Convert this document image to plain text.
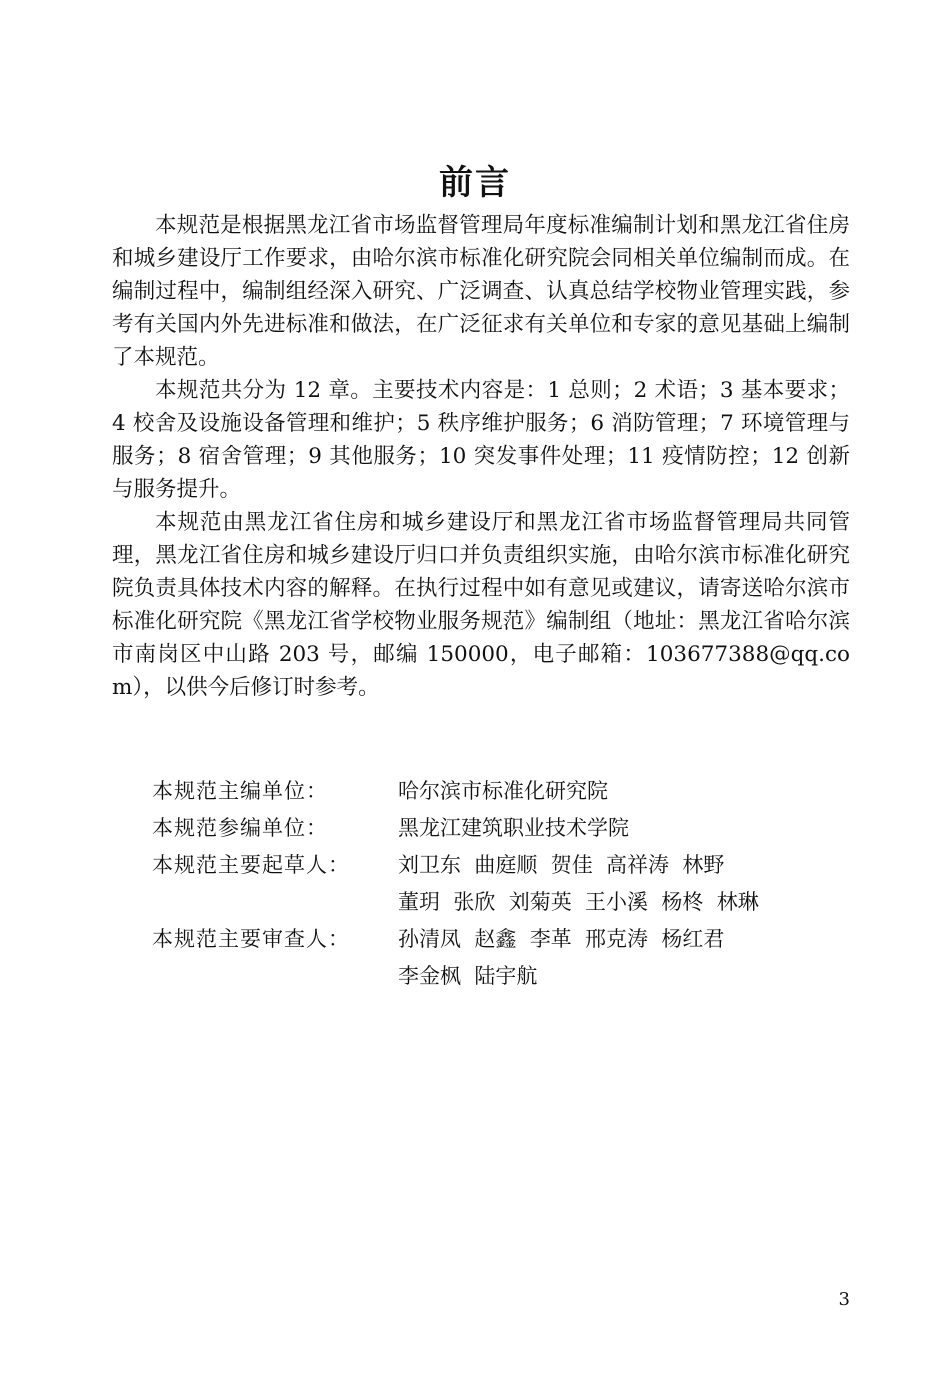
前言

本规范是根据黑龙江省市场监督管理局年度标准编制计划和黑龙江省住房和城乡建设厅工作要求，由哈尔滨市标准化研究院会同相关单位编制而成。在编制过程中，编制组经深入研究、广泛调查、认真总结学校物业管理实践，参考有关国内外先进标准和做法，在广泛征求有关单位和专家的意见基础上编制了本规范。

本规范共分为 12 章。主要技术内容是：1 总则；2 术语；3 基本要求；4 校舍及设施设备管理和维护；5 秩序维护服务；6 消防管理；7 环境管理与服务；8 宿舍管理；9 其他服务；10 突发事件处理；11 疫情防控；12 创新与服务提升。

本规范由黑龙江省住房和城乡建设厅和黑龙江省市场监督管理局共同管理，黑龙江省住房和城乡建设厅归口并负责组织实施，由哈尔滨市标准化研究院负责具体技术内容的解释。在执行过程中如有意见或建议，请寄送哈尔滨市标准化研究院《黑龙江省学校物业服务规范》编制组（地址：黑龙江省哈尔滨市南岗区中山路 203 号，邮编 150000，电子邮箱：103677388@qq.com），以供今后修订时参考。

本规范主编单位：	哈尔滨市标准化研究院
本规范参编单位：	黑龙江建筑职业技术学院
本规范主要起草人：	刘卫东  曲庭顺  贺佳  高祥涛  林野
董玥  张欣  刘菊英  王小溪  杨柊  林琳
本规范主要审查人：	孙清凤  赵鑫  李革  邢克涛  杨红君
李金枫  陆宇航
3
